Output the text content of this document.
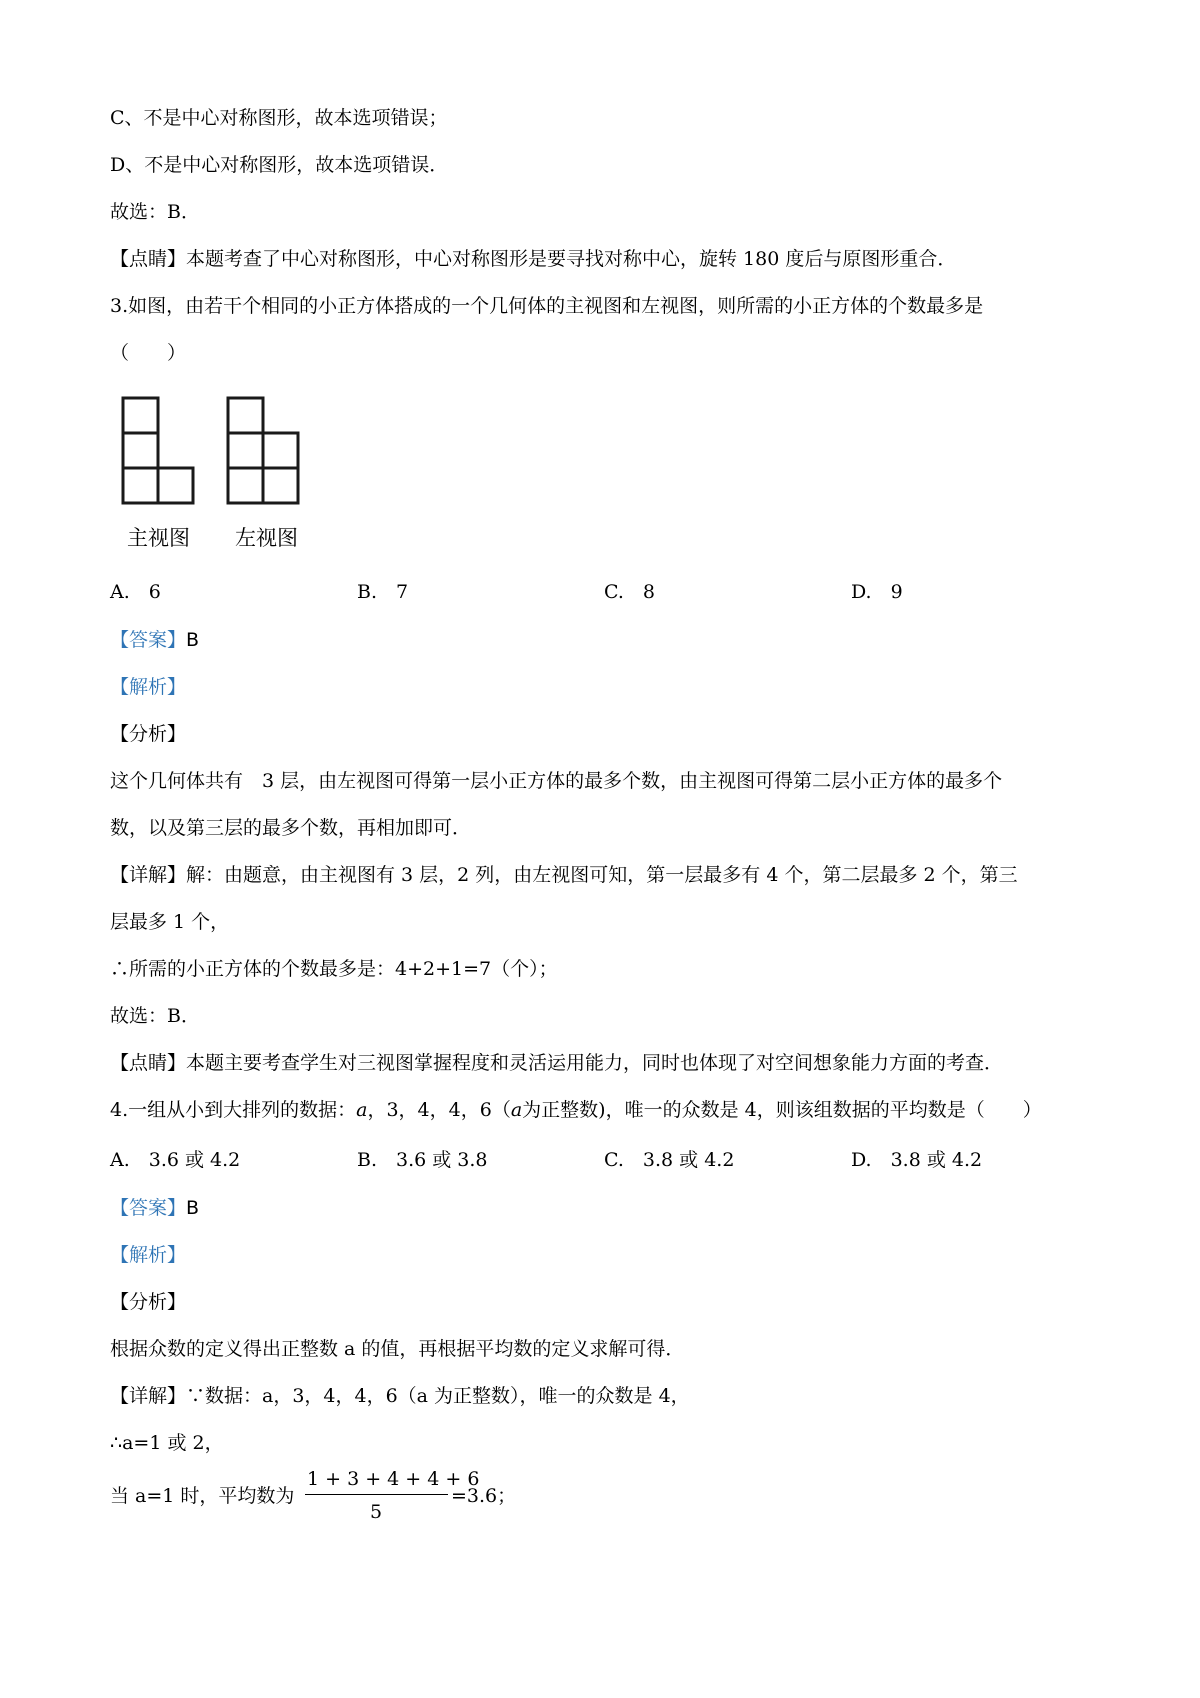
C、不是中心对称图形，故本选项错误；
D、不是中心对称图形，故本选项错误．
故选：B．
【点睛】本题考查了中心对称图形，中心对称图形是要寻找对称中心，旋转 180 度后与原图形重合．
3.如图，由若干个相同的小正方体搭成的一个几何体的主视图和左视图，则所需的小正方体的个数最多是
（　　）
主视图 左视图
A.　6	B.　7	C.　8	D.　9
【答案】B
【解析】
【分析】
这个几何体共有　3 层，由左视图可得第一层小正方体的最多个数，由主视图可得第二层小正方体的最多个
数，以及第三层的最多个数，再相加即可．
【详解】解：由题意，由主视图有 3 层，2 列，由左视图可知，第一层最多有 4 个，第二层最多 2 个，第三
层最多 1 个，
∴所需的小正方体的个数最多是：4+2+1=7（个）；
故选：B．
【点睛】本题主要考查学生对三视图掌握程度和灵活运用能力，同时也体现了对空间想象能力方面的考查．
4.一组从小到大排列的数据：a，3，4，4，6（a为正整数)，唯一的众数是 4，则该组数据的平均数是（　　）
A.　3.6 或 4.2	B.　3.6 或 3.8	C.　3.8 或 4.2	D.　3.8 或 4.2
【答案】B
【解析】
【分析】
根据众数的定义得出正整数 a 的值，再根据平均数的定义求解可得．
【详解】∵数据：a，3，4，4，6（a 为正整数），唯一的众数是 4，
∴a=1 或 2，
当 a=1 时，平均数为
1 + 3 + 4 + 4 + 6
5
=3.6；
